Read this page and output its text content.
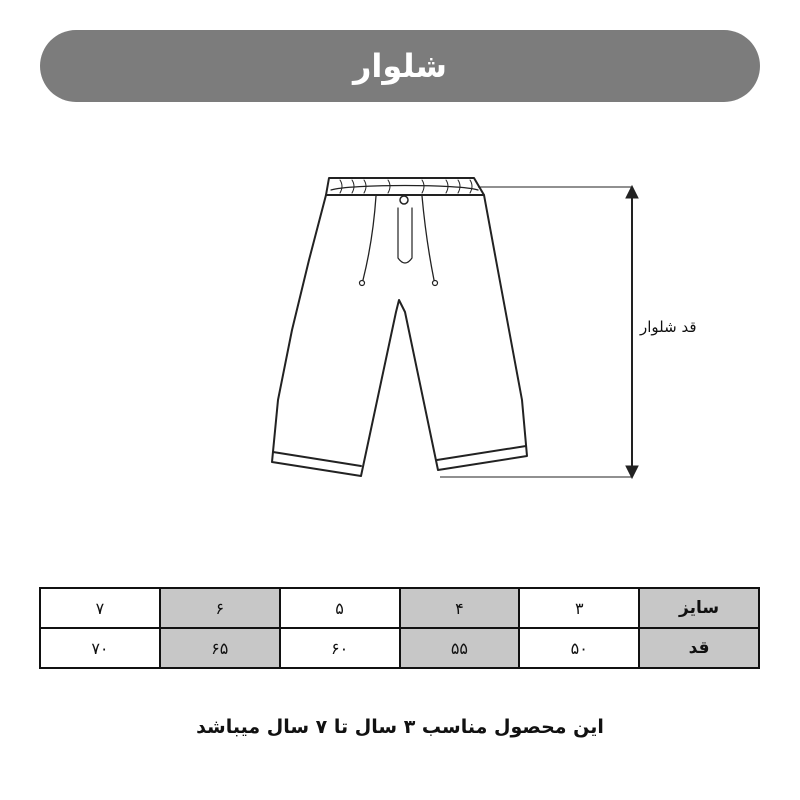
شلوار
قد شلوار
سایز	۳	۴	۵	۶	۷
قد	۵۰	۵۵	۶۰	۶۵	۷۰
این محصول مناسب ۳ سال تا ۷ سال میباشد
